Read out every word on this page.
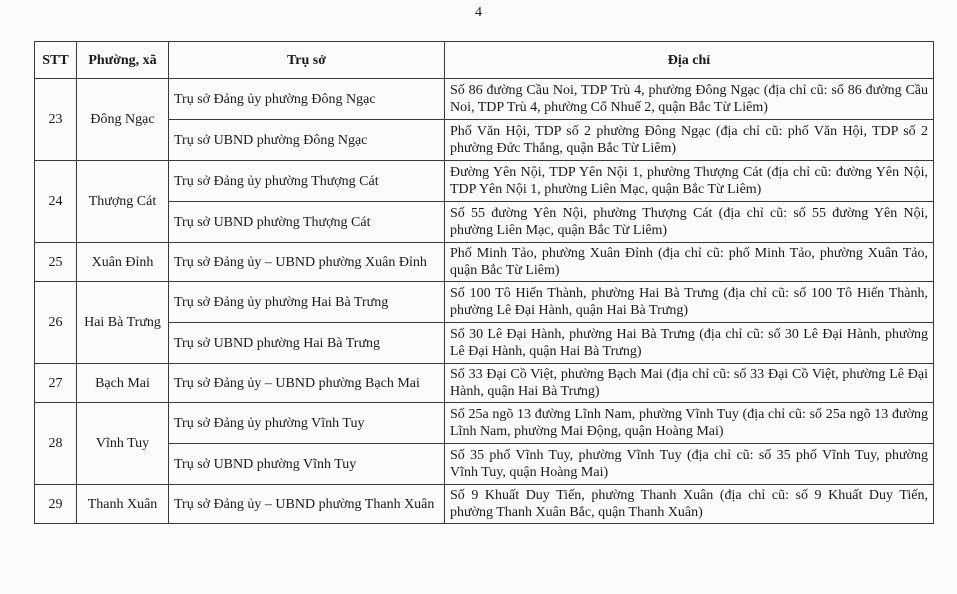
4
STT	Phường, xã	Trụ sở	Địa chỉ
23	Đông Ngạc	Trụ sở Đảng ủy phường Đông Ngạc	Số 86 đường Cầu Noi, TDP Trù 4, phường Đông Ngạc (địa chỉ cũ: số 86 đường Cầu Noi, TDP Trù 4, phường Cổ Nhuế 2, quận Bắc Từ Liêm)
		Trụ sở UBND phường Đông Ngạc	Phố Văn Hội, TDP số 2 phường Đông Ngạc (địa chỉ cũ: phố Văn Hội, TDP số 2 phường Đức Thắng, quận Bắc Từ Liêm)
24	Thượng Cát	Trụ sở Đảng ủy phường Thượng Cát	Đường Yên Nội, TDP Yên Nội 1, phường Thượng Cát (địa chỉ cũ: đường Yên Nội, TDP Yên Nội 1, phường Liên Mạc, quận Bắc Từ Liêm)
		Trụ sở UBND phường Thượng Cát	Số 55 đường Yên Nội, phường Thượng Cát (địa chỉ cũ: số 55 đường Yên Nội, phường Liên Mạc, quận Bắc Từ Liêm)
25	Xuân Đỉnh	Trụ sở Đảng ủy – UBND phường Xuân Đỉnh	Phố Minh Tảo, phường Xuân Đỉnh (địa chỉ cũ: phố Minh Tảo, phường Xuân Tảo, quận Bắc Từ Liêm)
26	Hai Bà Trưng	Trụ sở Đảng ủy phường Hai Bà Trưng	Số 100 Tô Hiến Thành, phường Hai Bà Trưng (địa chỉ cũ: số 100 Tô Hiến Thành, phường Lê Đại Hành, quận Hai Bà Trưng)
		Trụ sở UBND phường Hai Bà Trưng	Số 30 Lê Đại Hành, phường Hai Bà Trưng (địa chỉ cũ: số 30 Lê Đại Hành, phường Lê Đại Hành, quận Hai Bà Trưng)
27	Bạch Mai	Trụ sở Đảng ủy – UBND phường Bạch Mai	Số 33 Đại Cồ Việt, phường Bạch Mai (địa chỉ cũ: số 33 Đại Cồ Việt, phường Lê Đại Hành, quận Hai Bà Trưng)
28	Vĩnh Tuy	Trụ sở Đảng ủy phường Vĩnh Tuy	Số 25a ngõ 13 đường Lĩnh Nam, phường Vĩnh Tuy (địa chỉ cũ: số 25a ngõ 13 đường Lĩnh Nam, phường Mai Động, quận Hoàng Mai)
		Trụ sở UBND phường Vĩnh Tuy	Số 35 phố Vĩnh Tuy, phường Vĩnh Tuy (địa chỉ cũ: số 35 phố Vĩnh Tuy, phường Vĩnh Tuy, quận Hoàng Mai)
29	Thanh Xuân	Trụ sở Đảng ủy – UBND phường Thanh Xuân	Số 9 Khuất Duy Tiến, phường Thanh Xuân (địa chỉ cũ: số 9 Khuất Duy Tiến, phường Thanh Xuân Bắc, quận Thanh Xuân)
